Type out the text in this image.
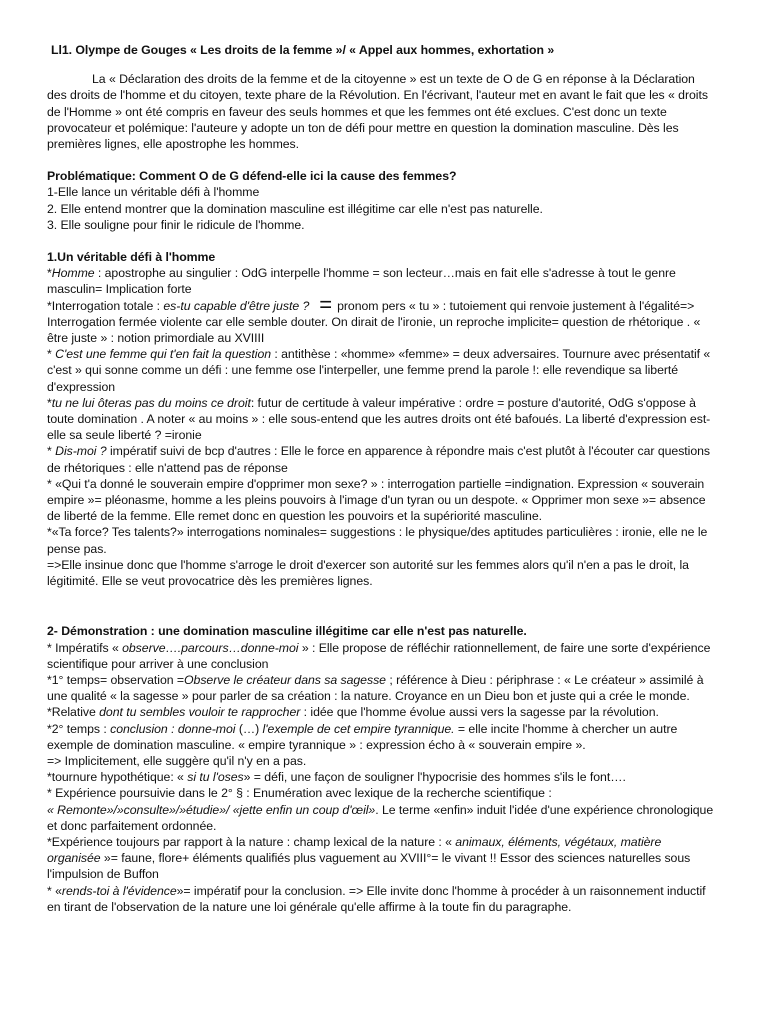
Ll1. Olympe de Gouges « Les droits de la femme »/ « Appel aux hommes, exhortation »

La « Déclaration des droits de la femme et de la citoyenne » est un texte de O de G en réponse à la Déclaration des droits de l'homme et du citoyen, texte phare de la Révolution. En l'écrivant, l'auteur met en avant le fait que les « droits de l'Homme » ont été compris en faveur des seuls hommes et que les femmes ont été exclues. C'est donc un texte provocateur et polémique: l'auteure y adopte un ton de défi pour mettre en question la domination masculine. Dès les premières lignes, elle apostrophe les hommes.

Problématique: Comment O de G défend-elle ici la cause des femmes?

1-Elle lance un véritable défi à l'homme
2. Elle entend montrer que la domination masculine est illégitime car elle n'est pas naturelle.
3. Elle souligne pour finir le ridicule de l'homme.

1.Un véritable défi à l'homme

*Homme : apostrophe au singulier : OdG interpelle l'homme = son lecteur…mais en fait elle s'adresse à tout le genre masculin= Implication forte

*Interrogation totale : es-tu capable d'être juste ? = pronom pers « tu » : tutoiement qui renvoie justement à l'égalité=> Interrogation fermée violente car elle semble douter. On dirait de l'ironie, un reproche implicite= question de rhétorique . « être juste » : notion primordiale au XVIIII

* C'est une femme qui t'en fait la question : antithèse : «homme» «femme» = deux adversaires. Tournure avec présentatif « c'est » qui sonne comme un défi : une femme ose l'interpeller, une femme prend la parole !: elle revendique sa liberté d'expression

*tu ne lui ôteras pas du moins ce droit: futur de certitude à valeur impérative : ordre = posture d'autorité, OdG s'oppose à toute domination . A noter « au moins » : elle sous-entend que les autres droits ont été bafoués. La liberté d'expression est-elle sa seule liberté ? =ironie

* Dis-moi ? impératif suivi de bcp d'autres : Elle le force en apparence à répondre mais c'est plutôt à l'écouter car questions de rhétoriques : elle n'attend pas de réponse

* «Qui t'a donné le souverain empire d'opprimer mon sexe? » : interrogation partielle =indignation. Expression « souverain empire »= pléonasme, homme a les pleins pouvoirs à l'image d'un tyran ou un despote. « Opprimer mon sexe »= absence de liberté de la femme. Elle remet donc en question les pouvoirs et la supériorité masculine.

*«Ta force? Tes talents?» interrogations nominales= suggestions : le physique/des aptitudes particulières : ironie, elle ne le pense pas.

=>Elle insinue donc que l'homme s'arroge le droit d'exercer son autorité sur les femmes alors qu'il n'en a pas le droit, la légitimité. Elle se veut provocatrice dès les premières lignes.

2- Démonstration : une domination masculine illégitime car elle n'est pas naturelle.

* Impératifs « observe….parcours…donne-moi » : Elle propose de réfléchir rationnellement, de faire une sorte d'expérience scientifique pour arriver à une conclusion

*1° temps= observation =Observe le créateur dans sa sagesse ; référence à Dieu : périphrase : « Le créateur » assimilé à une qualité « la sagesse » pour parler de sa création : la nature. Croyance en un Dieu bon et juste qui a crée le monde.

*Relative dont tu sembles vouloir te rapprocher : idée que l'homme évolue aussi vers la sagesse par la révolution.

*2° temps : conclusion : donne-moi (…) l'exemple de cet empire tyrannique. = elle incite l'homme à chercher un autre exemple de domination masculine. « empire tyrannique » : expression écho à « souverain empire ».

=> Implicitement, elle suggère qu'il n'y en a pas.

*tournure hypothétique: « si tu l'oses» = défi, une façon de souligner l'hypocrisie des hommes s'ils le font….

* Expérience poursuivie dans le 2° § : Enumération avec lexique de la recherche scientifique :

« Remonte»/»consulte»/»étudie»/ «jette enfin un coup d'œil». Le terme «enfin» induit l'idée d'une expérience chronologique et donc parfaitement ordonnée.

*Expérience toujours par rapport à la nature : champ lexical de la nature : « animaux, éléments, végétaux, matière organisée »= faune, flore+ éléments qualifiés plus vaguement au XVIII°= le vivant !! Essor des sciences naturelles sous l'impulsion de Buffon

* «rends-toi à l'évidence»= impératif pour la conclusion. => Elle invite donc l'homme à procéder à un raisonnement inductif en tirant de l'observation de la nature une loi générale qu'elle affirme à la toute fin du paragraphe.
